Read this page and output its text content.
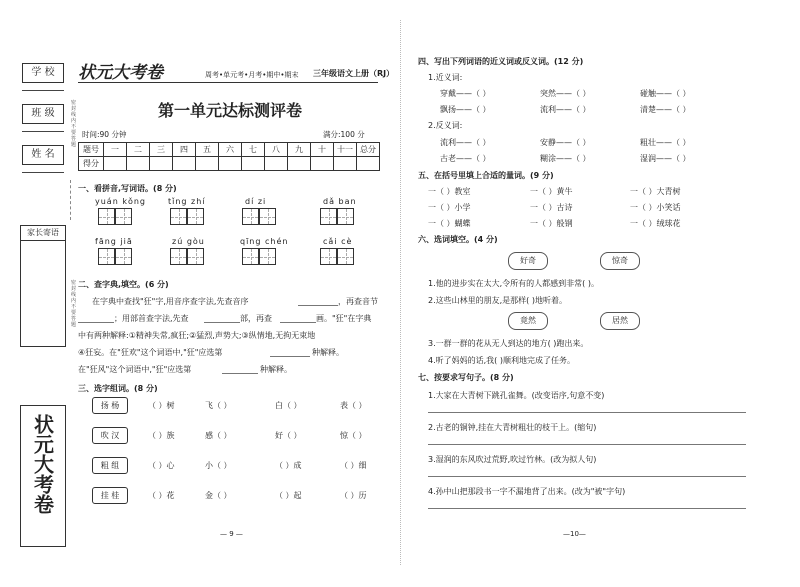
学 校
班 级
姓 名
密封线内不要答题
家长寄语
密封线内不要答题
状元大考卷
状元大考卷	周考•单元考•月考•期中•期末 三年级语文上册（RJ）
第一单元达标测评卷
时间:90 分钟	满分:100 分
题号	一	二	三	四	五	六	七	八	九	十	十一	总分
得分												
一、看拼音,写词语。(8 分)
yuán kǒng	tǐng zhí	dí zi	dǎ ban
fāng jiā	zú gòu	qīng chén	cǎi cè
二、查字典,填空。(6 分)
在字典中查找"狂"字,用音序查字法,先查音序	，再查音节
；用部首查字法,先查	部，再查	画。"狂"在字典
中有两种解释:①精神失常,疯狂;②猛烈,声势大;③纵情地,无拘无束地
④狂妄。在"狂欢"这个词语中,"狂"应选第	种解释。
在"狂风"这个词语中,"狂"应选第	种解释。
三、选字组词。(8 分)
扬 杨	（ ）树	飞（ ）	白（ ）	表（ ）
吹 汉	（ ）族	感（ ）	好（ ）	惊（ ）
粗 组	（ ）心	小（ ）	（ ）成	（ ）细
挂 桂	（ ）花	金（ ）	（ ）起	（ ）历
— 9 —
四、写出下列词语的近义词或反义词。(12 分)
1.近义词:
穿戴——（ ）	突然——（ ）	碰触——（ ）
飘扬——（ ）	流利——（ ）	清楚——（ ）
2.反义词:
流利——（ ）	安静——（ ）	粗壮——（ ）
古老——（ ）	糊涂——（ ）	湿润——（ ）
五、在括号里填上合适的量词。(9 分)
一（ ）教室	一（ ）黄牛	一（ ）大青树
一（ ）小学	一（ ）古诗	一（ ）小笑话
一（ ）蝴蝶	一（ ）般钢	一（ ）绒球花
六、选词填空。(4 分)
好奇	惊奇
1.他的进步实在太大,令所有的人都感到非常( )。
2.这些山林里的朋友,是那样( )地听着。
竟然	居然
3.一群一群的花从无人到达的地方( )跑出来。
4.听了妈妈的话,我( )顺利地完成了任务。
七、按要求写句子。(8 分)
1.大家在大青树下跳孔雀舞。(改变语序,句意不变)
2.古老的铜钟,挂在大青树粗壮的枝干上。(缩句)
3.湿润的东风吹过荒野,吹过竹林。(改为拟人句)
4.孙中山把那段书一字不漏地背了出来。(改为"被"字句)
—10—
